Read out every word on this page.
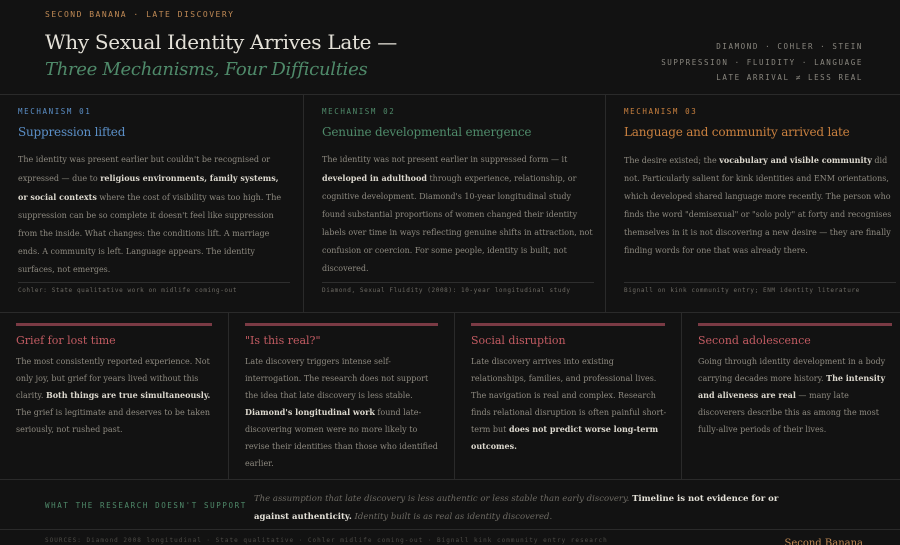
SECOND BANANA · LATE DISCOVERY
Why Sexual Identity Arrives Late —
Three Mechanisms, Four Difficulties
DIAMOND · COHLER · STEIN
SUPPRESSION · FLUIDITY · LANGUAGE
LATE ARRIVAL ≠ LESS REAL
MECHANISM 01
Suppression lifted
The identity was present earlier but couldn't be recognised or expressed — due to religious environments, family systems, or social contexts where the cost of visibility was too high. The suppression can be so complete it doesn't feel like suppression from the inside. What changes: the conditions lift. A marriage ends. A community is left. Language appears. The identity surfaces, not emerges.
Cohler: State qualitative work on midlife coming-out
MECHANISM 02
Genuine developmental emergence
The identity was not present earlier in suppressed form — it developed in adulthood through experience, relationship, or cognitive development. Diamond's 10-year longitudinal study found substantial proportions of women changed their identity labels over time in ways reflecting genuine shifts in attraction, not confusion or coercion. For some people, identity is built, not discovered.
Diamond, Sexual Fluidity (2008): 10-year longitudinal study
MECHANISM 03
Language and community arrived late
The desire existed; the vocabulary and visible community did not. Particularly salient for kink identities and ENM orientations, which developed shared language more recently. The person who finds the word "demisexual" or "solo poly" at forty and recognises themselves in it is not discovering a new desire — they are finally finding words for one that was already there.
Bignall on kink community entry; ENM identity literature
Grief for lost time
The most consistently reported experience. Not only joy, but grief for years lived without this clarity. Both things are true simultaneously. The grief is legitimate and deserves to be taken seriously, not rushed past.
"Is this real?"
Late discovery triggers intense self-interrogation. The research does not support the idea that late discovery is less stable. Diamond's longitudinal work found late-discovering women were no more likely to revise their identities than those who identified earlier.
Social disruption
Late discovery arrives into existing relationships, families, and professional lives. The navigation is real and complex. Research finds relational disruption is often painful short-term but does not predict worse long-term outcomes.
Second adolescence
Going through identity development in a body carrying decades more history. The intensity and aliveness are real — many late discoverers describe this as among the most fully-alive periods of their lives.
WHAT THE RESEARCH DOESN'T SUPPORT
The assumption that late discovery is less authentic or less stable than early discovery. Timeline is not evidence for or against authenticity. Identity built is as real as identity discovered.
SOURCES: Diamond 2008 longitudinal · State qualitative · Cohler midlife coming-out · Bignall kink community entry research	Second Banana
